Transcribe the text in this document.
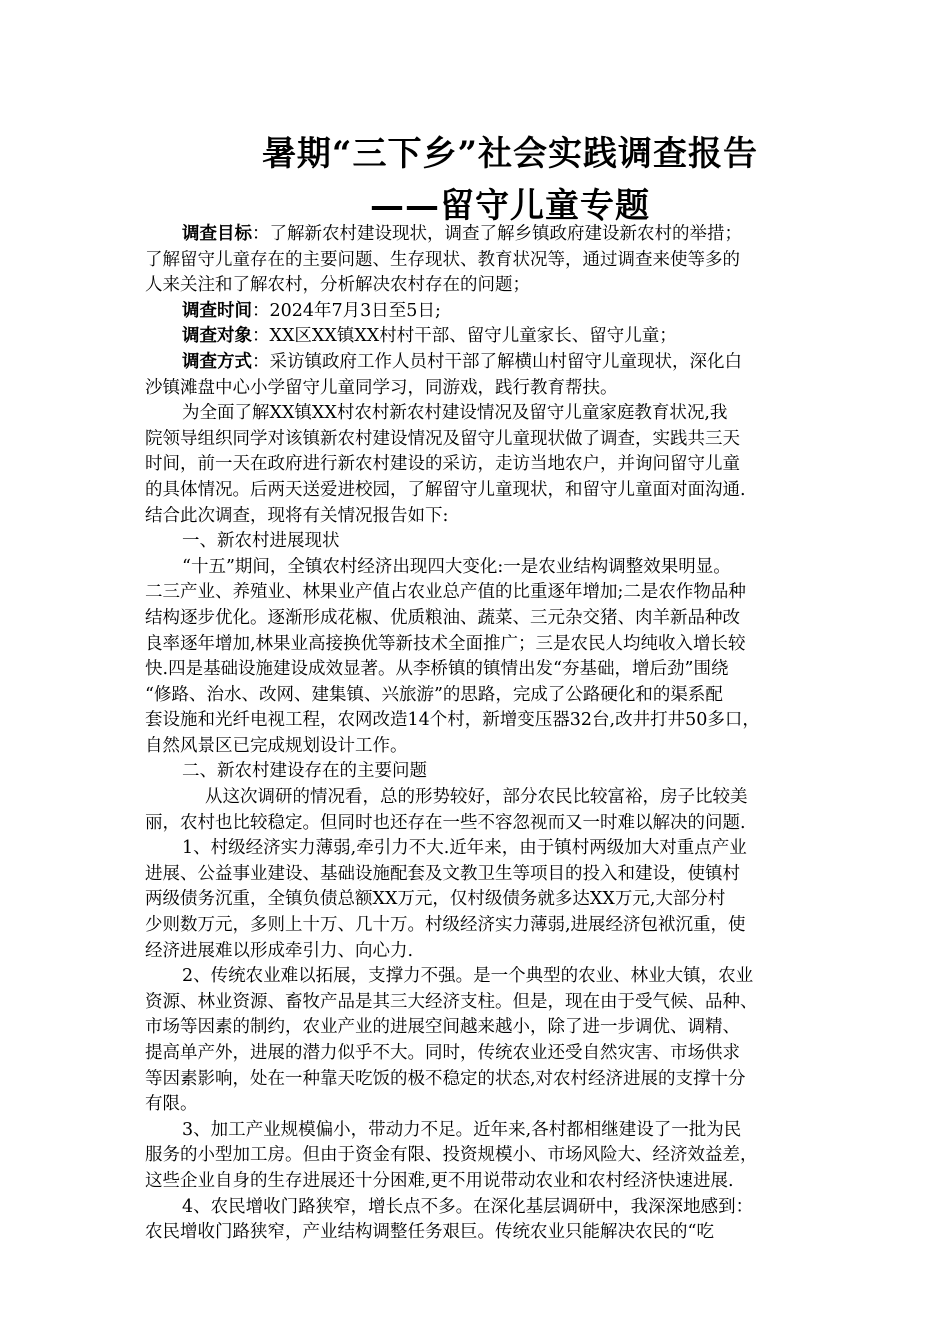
暑期“三下乡”社会实践调查报告
——留守儿童专题
调查目标：了解新农村建设现状，调查了解乡镇政府建设新农村的举措；
了解留守儿童存在的主要问题、生存现状、教育状况等，通过调查来使等多的
人来关注和了解农村，分析解决农村存在的问题；
调查时间：2024年7月3日至5日;
调查对象：XX区XX镇XX村村干部、留守儿童家长、留守儿童；
调查方式：采访镇政府工作人员村干部了解横山村留守儿童现状，深化白
沙镇滩盘中心小学留守儿童同学习，同游戏，践行教育帮扶。
为全面了解XX镇XX村农村新农村建设情况及留守儿童家庭教育状况,我
院领导组织同学对该镇新农村建设情况及留守儿童现状做了调查，实践共三天
时间，前一天在政府进行新农村建设的采访，走访当地农户，并询问留守儿童
的具体情况。后两天送爱进校园，了解留守儿童现状，和留守儿童面对面沟通.
结合此次调查，现将有关情况报告如下:
一、新农村进展现状
“十五”期间，全镇农村经济出现四大变化:一是农业结构调整效果明显。
二三产业、养殖业、林果业产值占农业总产值的比重逐年增加;二是农作物品种
结构逐步优化。逐渐形成花椒、优质粮油、蔬菜、三元杂交猪、肉羊新品种改
良率逐年增加,林果业高接换优等新技术全面推广；三是农民人均纯收入增长较
快.四是基础设施建设成效显著。从李桥镇的镇情出发“夯基础，增后劲”围绕
“修路、治水、改网、建集镇、兴旅游”的思路，完成了公路硬化和的渠系配
套设施和光纤电视工程，农网改造14个村，新增变压器32台,改井打井50多口，
自然风景区已完成规划设计工作。
二、新农村建设存在的主要问题
从这次调研的情况看，总的形势较好，部分农民比较富裕，房子比较美
丽，农村也比较稳定。但同时也还存在一些不容忽视而又一时难以解决的问题.
1、村级经济实力薄弱,牵引力不大.近年来，由于镇村两级加大对重点产业
进展、公益事业建设、基础设施配套及文教卫生等项目的投入和建设，使镇村
两级债务沉重，全镇负债总额XX万元，仅村级债务就多达XX万元,大部分村
少则数万元，多则上十万、几十万。村级经济实力薄弱,进展经济包袱沉重，使
经济进展难以形成牵引力、向心力.
2、传统农业难以拓展，支撑力不强。是一个典型的农业、林业大镇，农业
资源、林业资源、畜牧产品是其三大经济支柱。但是，现在由于受气候、品种、
市场等因素的制约，农业产业的进展空间越来越小，除了进一步调优、调精、
提高单产外，进展的潜力似乎不大。同时，传统农业还受自然灾害、市场供求
等因素影响，处在一种靠天吃饭的极不稳定的状态,对农村经济进展的支撑十分
有限。
3、加工产业规模偏小，带动力不足。近年来,各村都相继建设了一批为民
服务的小型加工房。但由于资金有限、投资规模小、市场风险大、经济效益差，
这些企业自身的生存进展还十分困难,更不用说带动农业和农村经济快速进展.
4、农民增收门路狭窄，增长点不多。在深化基层调研中，我深深地感到：
农民增收门路狭窄，产业结构调整任务艰巨。传统农业只能解决农民的“吃
